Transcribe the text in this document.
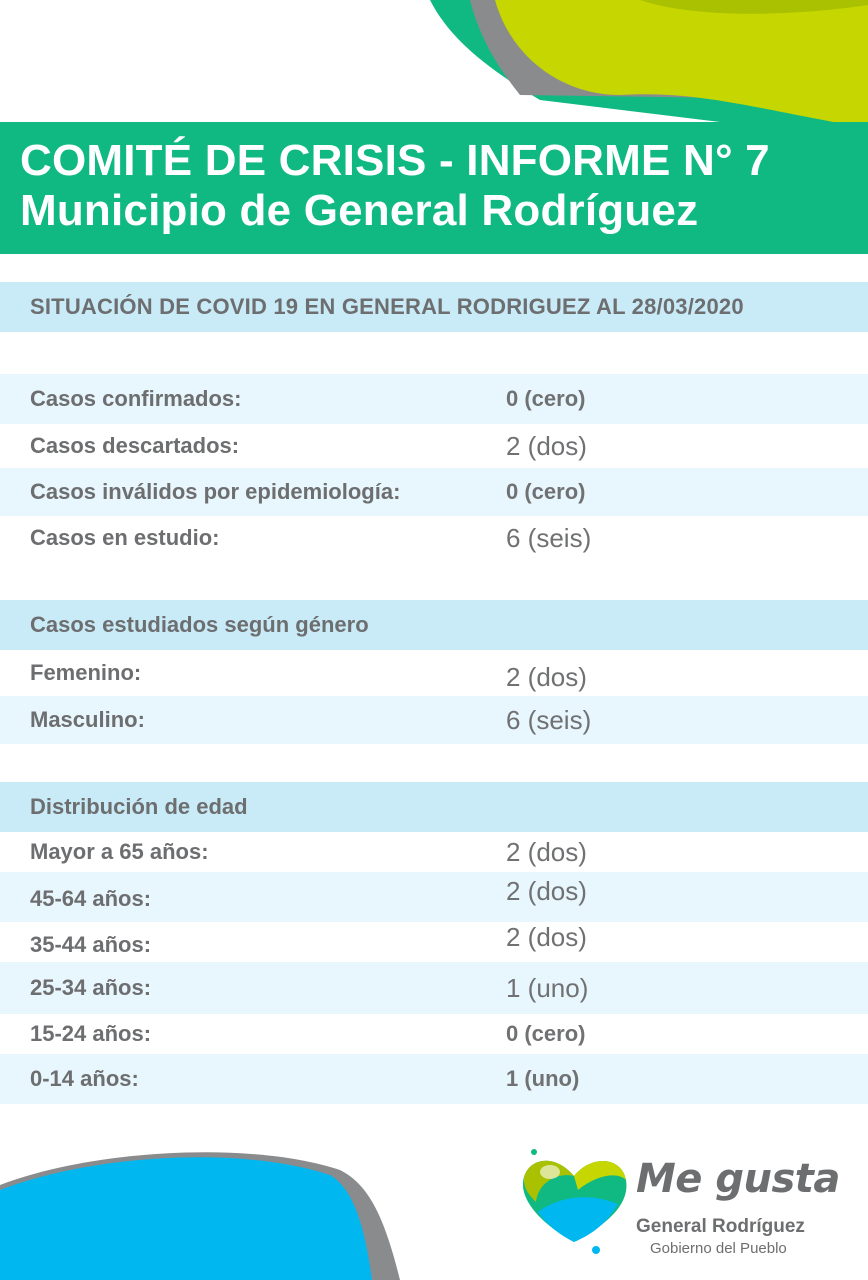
COMITÉ DE CRISIS - INFORME N° 7
Municipio de General Rodríguez
SITUACIÓN DE COVID 19 EN GENERAL RODRIGUEZ AL 28/03/2020
Casos confirmados:	0 (cero)
Casos descartados:	2 (dos)
Casos inválidos por epidemiología:	0 (cero)
Casos en estudio:	6 (seis)
Casos estudiados según género
Femenino:	2 (dos)
Masculino:	6 (seis)
Distribución de edad
Mayor a 65 años:	2 (dos)
45-64 años:	2 (dos)
35-44 años:	2 (dos)
25-34 años:	1 (uno)
15-24 años:	0 (cero)
0-14 años:	1 (uno)
Me gusta
General Rodríguez
Gobierno del Pueblo
